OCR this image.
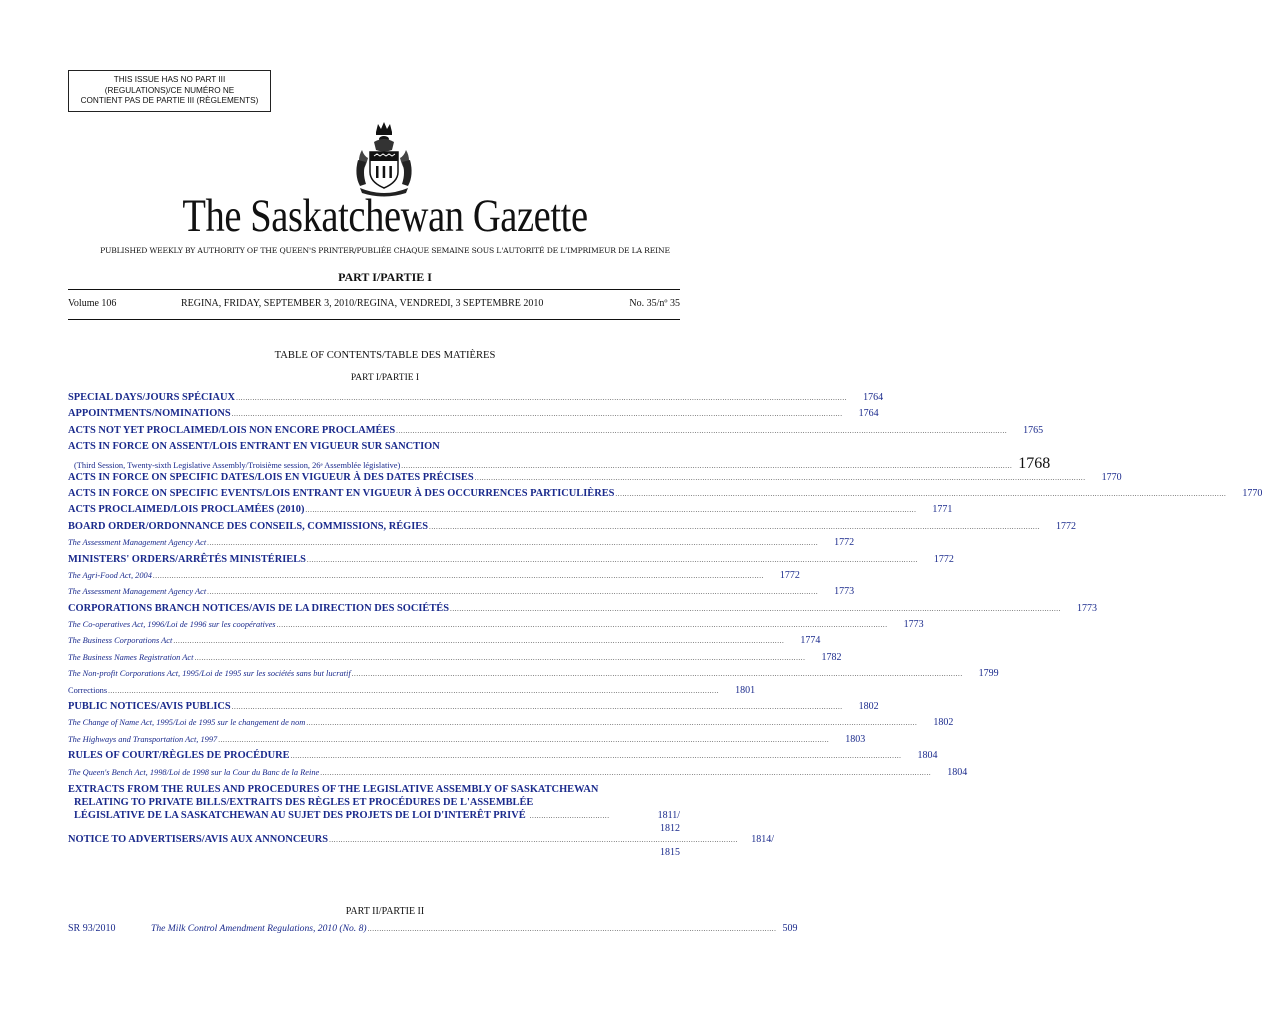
THIS ISSUE HAS NO PART III
(REGULATIONS)/CE NUMÉRO NE
CONTIENT PAS DE PARTIE III (RÈGLEMENTS)
The Saskatchewan Gazette
PUBLISHED WEEKLY BY AUTHORITY OF THE QUEEN'S PRINTER/PUBLIÉE CHAQUE SEMAINE SOUS L'AUTORITÉ DE L'IMPRIMEUR DE LA REINE
PART I/PARTIE I
Volume 106	REGINA, FRIDAY, SEPTEMBER 3, 2010/REGINA, VENDREDI, 3 SEPTEMBRE 2010	No. 35/nº 35
TABLE OF CONTENTS/TABLE DES MATIÈRES
PART I/PARTIE I
SPECIAL DAYS/JOURS SPÉCIAUX ....................................................................................................................................................................................................................................................................	1764
APPOINTMENTS/NOMINATIONS ....................................................................................................................................................................................................................................................................	1764
ACTS NOT YET PROCLAIMED/LOIS NON ENCORE PROCLAMÉES ....................................................................................................................................................................................................................................................................	1765
ACTS IN FORCE ON ASSENT/LOIS ENTRANT EN VIGUEUR SUR SANCTION
(Third Session, Twenty-sixth Legislative Assembly/Troisième session, 26ᵉ Assemblée législative) .................................................................................................................................................................................................................................................................... 1768
ACTS IN FORCE ON SPECIFIC DATES/LOIS EN VIGUEUR À DES DATES PRÉCISES ....................................................................................................................................................................................................................................................................	1770
ACTS IN FORCE ON SPECIFIC EVENTS/LOIS ENTRANT EN VIGUEUR À DES OCCURRENCES PARTICULIÈRES ....................................................................................................................................................................................................................................................................	1770
ACTS PROCLAIMED/LOIS PROCLAMÉES (2010) ....................................................................................................................................................................................................................................................................	1771
BOARD ORDER/ORDONNANCE DES CONSEILS, COMMISSIONS, RÉGIES ....................................................................................................................................................................................................................................................................	1772
The Assessment Management Agency Act ....................................................................................................................................................................................................................................................................	1772
MINISTERS' ORDERS/ARRÊTÉS MINISTÉRIELS ....................................................................................................................................................................................................................................................................	1772
The Agri-Food Act, 2004 ....................................................................................................................................................................................................................................................................	1772
The Assessment Management Agency Act ....................................................................................................................................................................................................................................................................	1773
CORPORATIONS BRANCH NOTICES/AVIS DE LA DIRECTION DES SOCIÉTÉS ....................................................................................................................................................................................................................................................................	1773
The Co-operatives Act, 1996/Loi de 1996 sur les coopératives ....................................................................................................................................................................................................................................................................	1773
The Business Corporations Act ....................................................................................................................................................................................................................................................................	1774
The Business Names Registration Act ....................................................................................................................................................................................................................................................................	1782
The Non-profit Corporations Act, 1995/Loi de 1995 sur les sociétés sans but lucratif ....................................................................................................................................................................................................................................................................	1799
Corrections ....................................................................................................................................................................................................................................................................	1801
PUBLIC NOTICES/AVIS PUBLICS ....................................................................................................................................................................................................................................................................	1802
The Change of Name Act, 1995/Loi de 1995 sur le changement de nom ....................................................................................................................................................................................................................................................................	1802
The Highways and Transportation Act, 1997 ....................................................................................................................................................................................................................................................................	1803
RULES OF COURT/RÈGLES DE PROCÉDURE ....................................................................................................................................................................................................................................................................	1804
The Queen's Bench Act, 1998/Loi de 1998 sur la Cour du Banc de la Reine ....................................................................................................................................................................................................................................................................	1804
EXTRACTS FROM THE RULES AND PROCEDURES OF THE LEGISLATIVE ASSEMBLY OF SASKATCHEWAN
RELATING TO PRIVATE BILLS/EXTRAITS DES RÈGLES ET PROCÉDURES DE L'ASSEMBLÉE
LÉGISLATIVE DE LA SASKATCHEWAN AU SUJET DES PROJETS DE LOI D'INTERÊT PRIVÉ ..................................	1811/
1812
NOTICE TO ADVERTISERS/AVIS AUX ANNONCEURS ..............................................................................................................................................................................	1814/
1815
PART II/PARTIE II
SR 93/2010	The Milk Control Amendment Regulations, 2010 (No. 8) .............................................................................................................................................................................. 509
